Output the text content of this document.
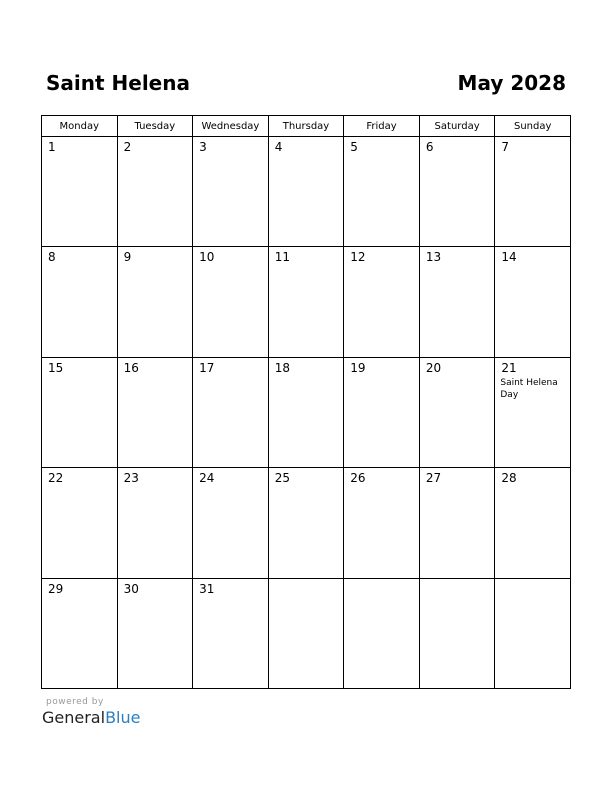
Saint Helena	May 2028
Monday	Tuesday	Wednesday	Thursday	Friday	Saturday	Sunday

1	2	3	4	5	6	7

8	9	10	11	12	13	14

15	16	17	18	19	20	21
Saint Helena Day

22	23	24	25	26	27	28

29	30	31				

powered by
GeneralBlue
